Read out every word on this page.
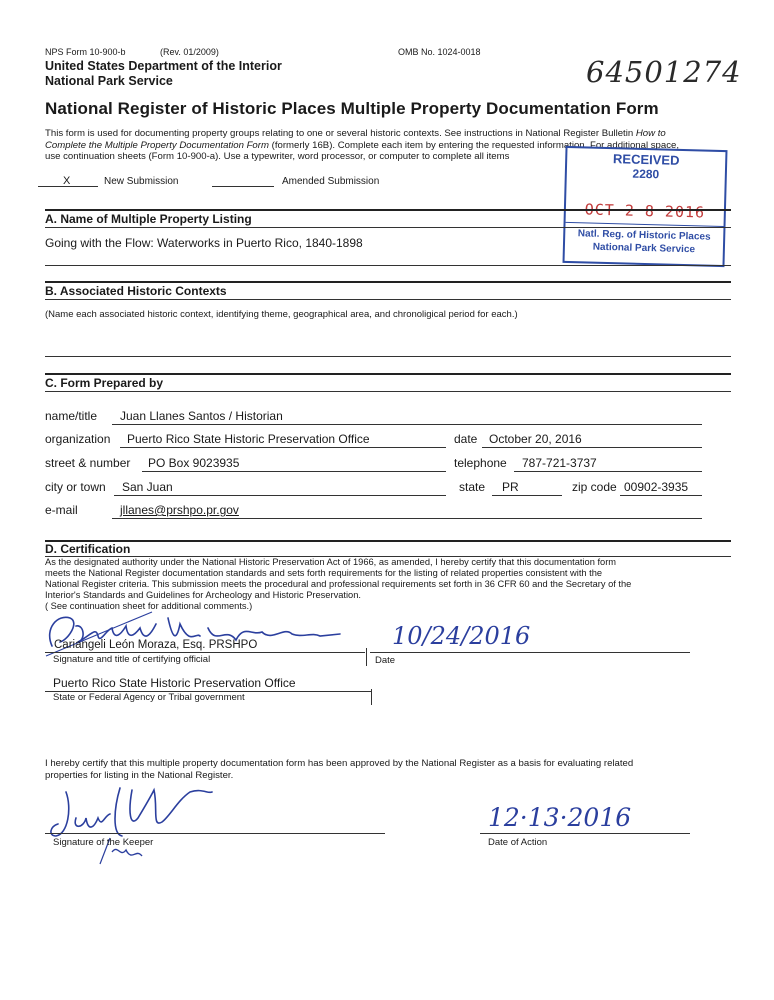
NPS Form 10-900-b	(Rev. 01/2009)	OMB No. 1024-0018
United States Department of the Interior
National Park Service	64501274
National Register of Historic Places Multiple Property Documentation Form
This form is used for documenting property groups relating to one or several historic contexts. See instructions in National Register Bulletin How to
Complete the Multiple Property Documentation Form (formerly 16B). Complete each item by entering the requested information. For additional space,
use continuation sheets (Form 10-900-a). Use a typewriter, word processor, or computer to complete all items
X	New Submission	Amended Submission
RECEIVED
2280
OCT 2 8 2016
Natl. Reg. of Historic Places
National Park Service
A. Name of Multiple Property Listing
Going with the Flow: Waterworks in Puerto Rico, 1840-1898
B. Associated Historic Contexts
(Name each associated historic context, identifying theme, geographical area, and chronoligical period for each.)
C. Form Prepared by
name/title Juan Llanes Santos / Historian
organization Puerto Rico State Historic Preservation Office	date October 20, 2016
street & number PO Box 9023935	telephone 787-721-3737
city or town San Juan	state PR	zip code 00902-3935
e-mail	jllanes@prshpo.pr.gov
D. Certification
As the designated authority under the National Historic Preservation Act of 1966, as amended, I hereby certify that this documentation form
meets the National Register documentation standards and sets forth requirements for the listing of related properties consistent with the
National Register criteria. This submission meets the procedural and professional requirements set forth in 36 CFR 60 and the Secretary of the
Interior's Standards and Guidelines for Archeology and Historic Preservation.
( See continuation sheet for additional comments.)
Cariangeli León Moraza, Esq. PRSHPO
Signature and title of certifying official	Date
10/24/2016
Puerto Rico State Historic Preservation Office
State or Federal Agency or Tribal government
I hereby certify that this multiple property documentation form has been approved by the National Register as a basis for evaluating related
properties for listing in the National Register.
Signature of the Keeper
12·13·2016
Date of Action
